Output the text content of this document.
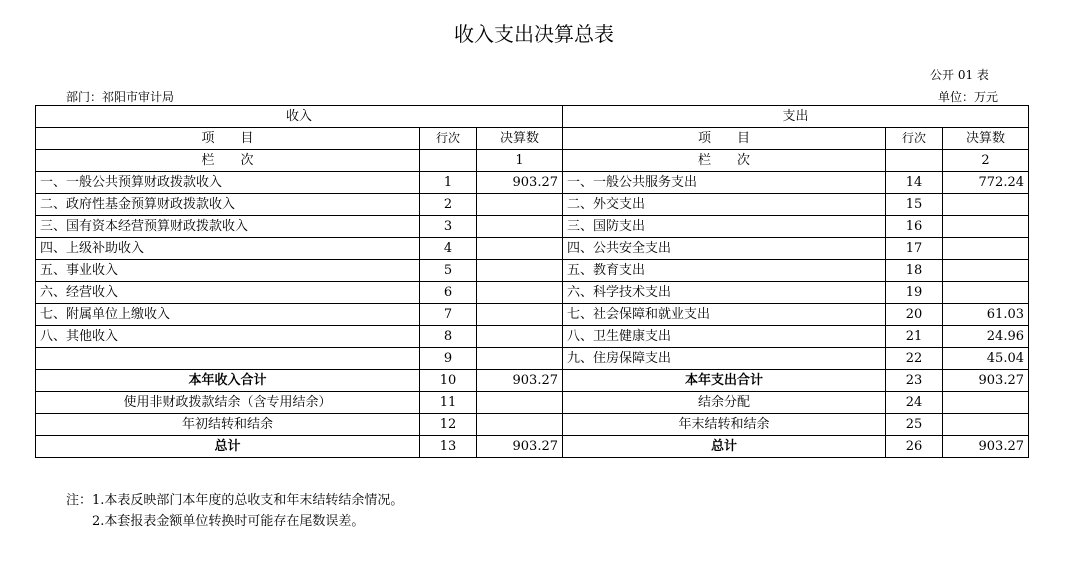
收入支出决算总表
公开 01 表
部门：祁阳市审计局	单位：万元
收入			支出		
项　　目	行次	决算数	项　　目	行次	决算数
栏　　次		1	栏　　次		2
一、一般公共预算财政拨款收入	1	903.27	一、一般公共服务支出	14	772.24
二、政府性基金预算财政拨款收入	2		二、外交支出	15	
三、国有资本经营预算财政拨款收入	3		三、国防支出	16	
四、上级补助收入	4		四、公共安全支出	17	
五、事业收入	5		五、教育支出	18	
六、经营收入	6		六、科学技术支出	19	
七、附属单位上缴收入	7		七、社会保障和就业支出	20	61.03
八、其他收入	8		八、卫生健康支出	21	24.96
	9		九、住房保障支出	22	45.04
本年收入合计	10	903.27	本年支出合计	23	903.27
使用非财政拨款结余（含专用结余）	11		结余分配	24	
年初结转和结余	12		年末结转和结余	25	
总计	13	903.27	总计	26	903.27
注：1.本表反映部门本年度的总收支和年末结转结余情况。
　　2.本套报表金额单位转换时可能存在尾数误差。
